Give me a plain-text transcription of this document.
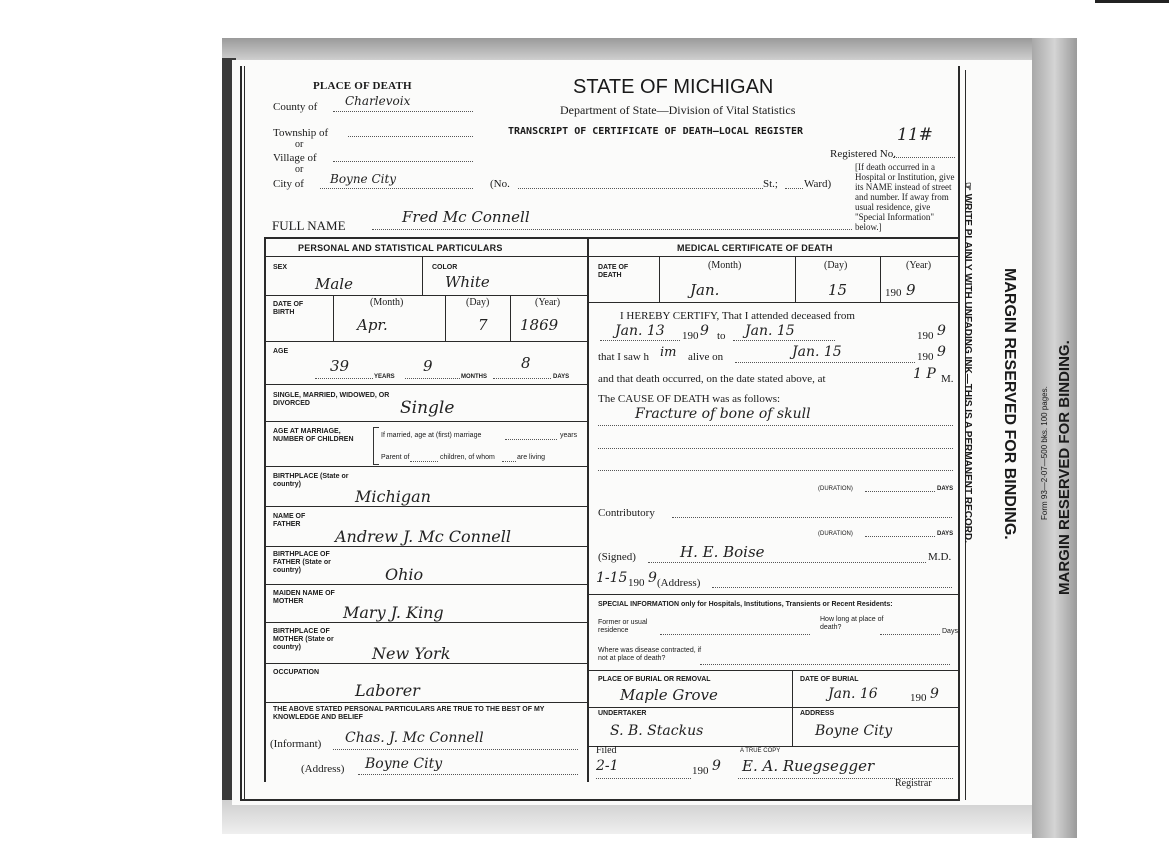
PLACE OF DEATH	STATE OF MICHIGAN
Department of State—Division of Vital Statistics
TRANSCRIPT OF CERTIFICATE OF DEATH—LOCAL REGISTER
Registered No.
11#
County of Charlevoix
Township of
or
Village of
or
City of Boyne City	(No.	St.; Ward)
[If death occurred in a Hospital or Institution, give its NAME instead of street and number. If away from usual residence, give "Special Information" below.]
FULL NAME	Fred Mc Connell
PERSONAL AND STATISTICAL PARTICULARS
SEX
Male
COLOR
White
DATE OF BIRTH
(Month)
Apr.
(Day)
7
(Year)
1869
AGE
39
YEARS
9
MONTHS
8
DAYS
SINGLE, MARRIED, WIDOWED, OR DIVORCED	Single
AGE AT MARRIAGE, NUMBER OF CHILDREN
If married, age at (first) marriage	years
Parent of	children, of whom	are living
BIRTHPLACE (State or country)
Michigan
NAME OF FATHER
Andrew J. Mc Connell
BIRTHPLACE OF FATHER (State or country)	Ohio
MAIDEN NAME OF MOTHER
Mary J. King
BIRTHPLACE OF MOTHER (State or country)	New York
OCCUPATION
Laborer
THE ABOVE STATED PERSONAL PARTICULARS ARE TRUE TO THE BEST OF MY KNOWLEDGE AND BELIEF
(Informant) Chas. J. Mc Connell
(Address) Boyne City
MEDICAL CERTIFICATE OF DEATH
DATE OF DEATH
(Month)
Jan.
(Day)
15
(Year)
190 9
I HEREBY CERTIFY, That I attended deceased from
Jan. 13 190 9 to Jan. 15	190 9
that I saw h im alive on	Jan. 15	190 9
and that death occurred, on the date stated above, at	1 P M.
The CAUSE OF DEATH was as follows:
Fracture of bone of skull
(DURATION)	DAYS
Contributory
(DURATION)	DAYS
(Signed)	H. E. Boise	M.D.
1-15 190 9 (Address)
SPECIAL INFORMATION only for Hospitals, Institutions, Transients or Recent Residents:
Former or usual residence
How long at place of death?
Days
Where was disease contracted, if not at place of death?
PLACE OF BURIAL OR REMOVAL
Maple Grove
DATE OF BURIAL
Jan. 16	190 9
UNDERTAKER
S. B. Stackus
ADDRESS
Boyne City
Filed
2-1	190 9
A TRUE COPY
E. A. Ruegsegger
Registrar
☞ WRITE PLAINLY WITH UNFADING INK—THIS IS A PERMANENT RECORD. MARGIN RESERVED FOR BINDING.	MARGIN RESERVED FOR BINDING.
Form 93—2-07—500 bks. 100 pages.
